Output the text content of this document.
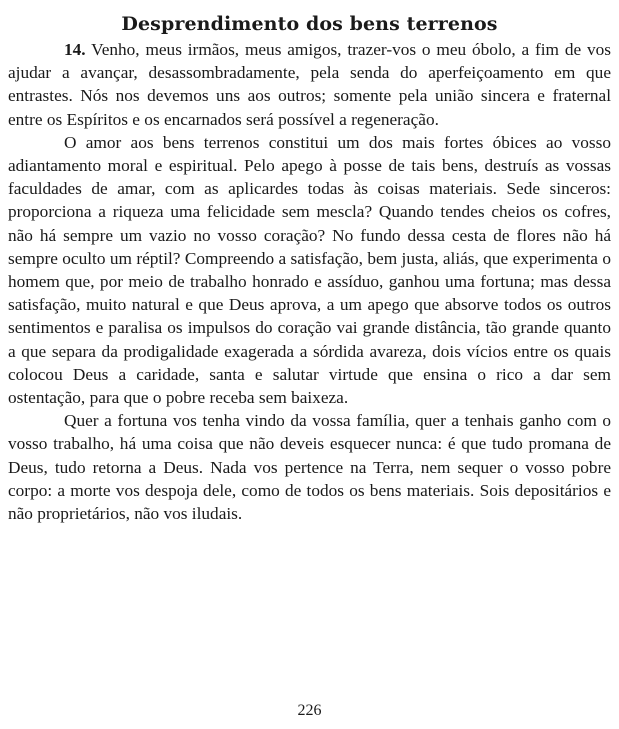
Desprendimento dos bens terrenos

14. Venho, meus irmãos, meus amigos, trazer-vos o meu óbolo, a fim de vos ajudar a avançar, desassombradamente, pela senda do aperfeiçoamento em que entrastes. Nós nos devemos uns aos outros; somente pela união sincera e fraternal entre os Espíritos e os encarnados será possível a regeneração.

O amor aos bens terrenos constitui um dos mais fortes óbices ao vosso adiantamento moral e espiritual. Pelo apego à posse de tais bens, destruís as vossas faculdades de amar, com as aplicardes todas às coisas materiais. Sede sinceros: proporciona a riqueza uma felicidade sem mescla? Quando tendes cheios os cofres, não há sempre um vazio no vosso coração? No fundo dessa cesta de flores não há sempre oculto um réptil? Compreendo a satisfação, bem justa, aliás, que experimenta o homem que, por meio de trabalho honrado e assíduo, ganhou uma fortuna; mas dessa satisfação, muito natural e que Deus aprova, a um apego que absorve todos os outros sentimentos e paralisa os impulsos do coração vai grande distância, tão grande quanto a que separa da prodigalidade exagerada a sórdida avareza, dois vícios entre os quais colocou Deus a caridade, santa e salutar virtude que ensina o rico a dar sem ostentação, para que o pobre receba sem baixeza.

Quer a fortuna vos tenha vindo da vossa família, quer a tenhais ganho com o vosso trabalho, há uma coisa que não deveis esquecer nunca: é que tudo promana de Deus, tudo retorna a Deus. Nada vos pertence na Terra, nem sequer o vosso pobre corpo: a morte vos despoja dele, como de todos os bens materiais. Sois depositários e não proprietários, não vos iludais.

226
